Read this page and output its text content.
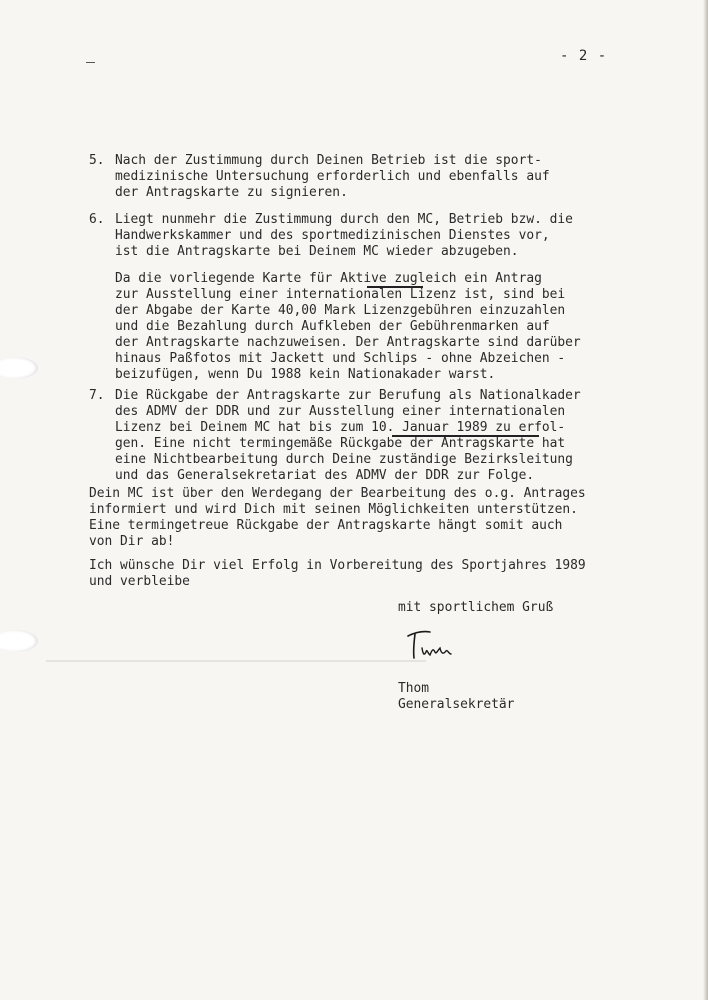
- 2 -
5. Nach der Zustimmung durch Deinen Betrieb ist die sport-
medizinische Untersuchung erforderlich und ebenfalls auf
der Antragskarte zu signieren.
6. Liegt nunmehr die Zustimmung durch den MC, Betrieb bzw. die
Handwerkskammer und des sportmedizinischen Dienstes vor,
ist die Antragskarte bei Deinem MC wieder abzugeben.
Da die vorliegende Karte für Aktive zugleich ein Antrag
zur Ausstellung einer internationalen Lizenz ist, sind bei
der Abgabe der Karte 40,00 Mark Lizenzgebühren einzuzahlen
und die Bezahlung durch Aufkleben der Gebührenmarken auf
der Antragskarte nachzuweisen. Der Antragskarte sind darüber
hinaus Paßfotos mit Jackett und Schlips - ohne Abzeichen -
beizufügen, wenn Du 1988 kein Nationakader warst.
7. Die Rückgabe der Antragskarte zur Berufung als Nationalkader
des ADMV der DDR und zur Ausstellung einer internationalen
Lizenz bei Deinem MC hat bis zum 10. Januar 1989 zu erfol-
gen. Eine nicht termingemäße Rückgabe der Antragskarte hat
eine Nichtbearbeitung durch Deine zuständige Bezirksleitung
und das Generalsekretariat des ADMV der DDR zur Folge.
Dein MC ist über den Werdegang der Bearbeitung des o.g. Antrages
informiert und wird Dich mit seinen Möglichkeiten unterstützen.
Eine termingetreue Rückgabe der Antragskarte hängt somit auch
von Dir ab!
Ich wünsche Dir viel Erfolg in Vorbereitung des Sportjahres 1989
und verbleibe
mit sportlichem Gruß
Thom
Generalsekretär
